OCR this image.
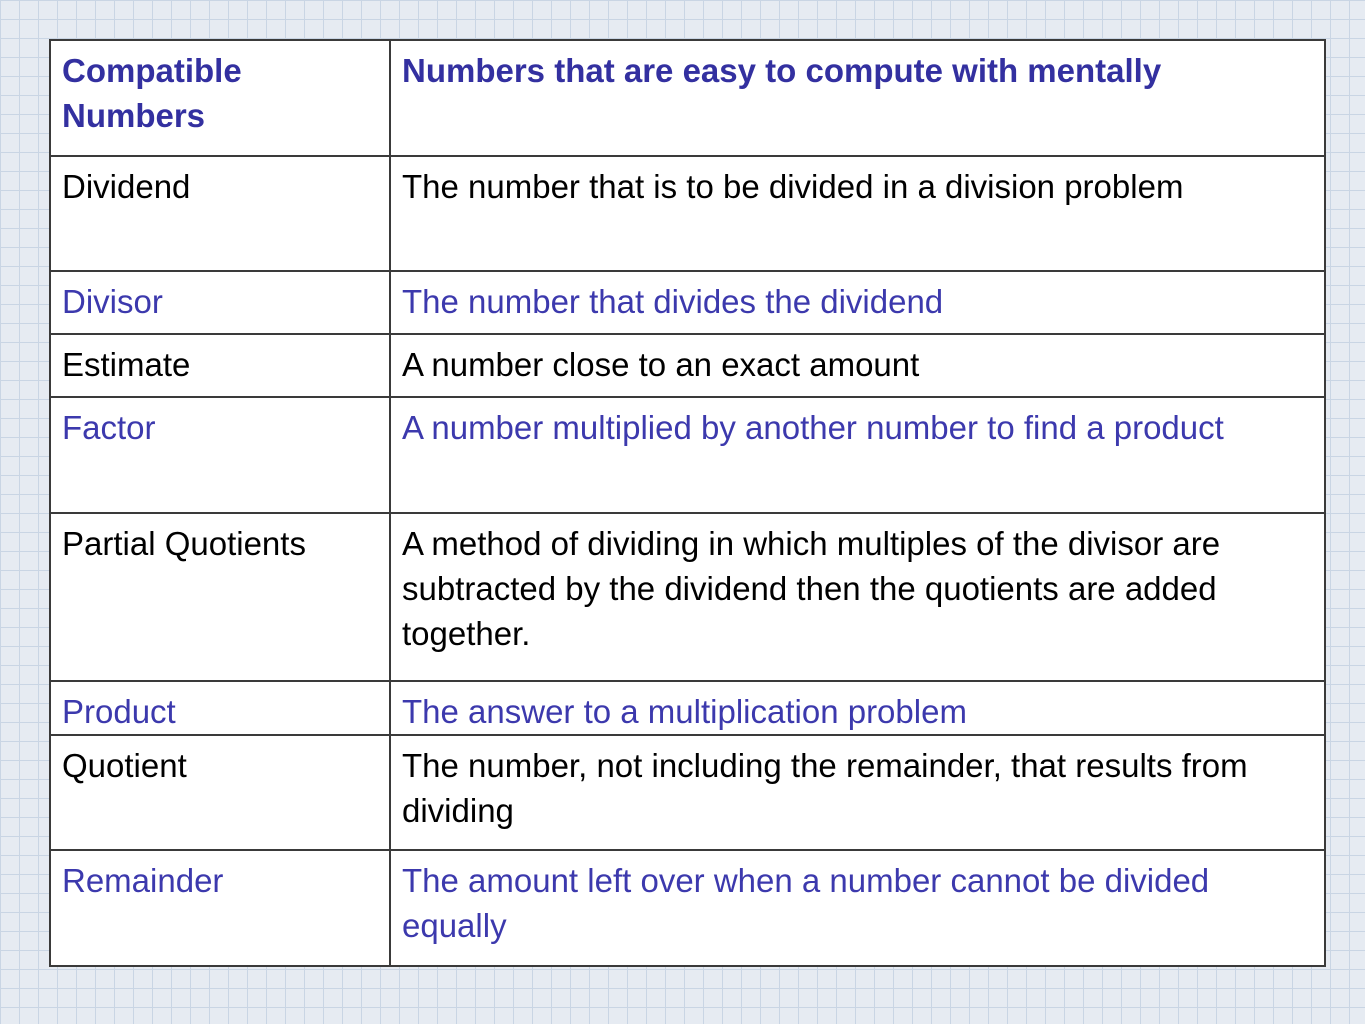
Compatible Numbers	Numbers that are easy to compute with mentally
Dividend	The number that is to be divided in a division problem
Divisor	The number that divides the dividend
Estimate	A number close to an exact amount
Factor	A number multiplied by another number to find a product
Partial Quotients	A method of dividing in which multiples of the divisor are subtracted by the dividend then the quotients are added together.
Product	The answer to a multiplication problem
Quotient	The number, not including the remainder, that results from dividing
Remainder	The amount left over when a number cannot be divided equally
